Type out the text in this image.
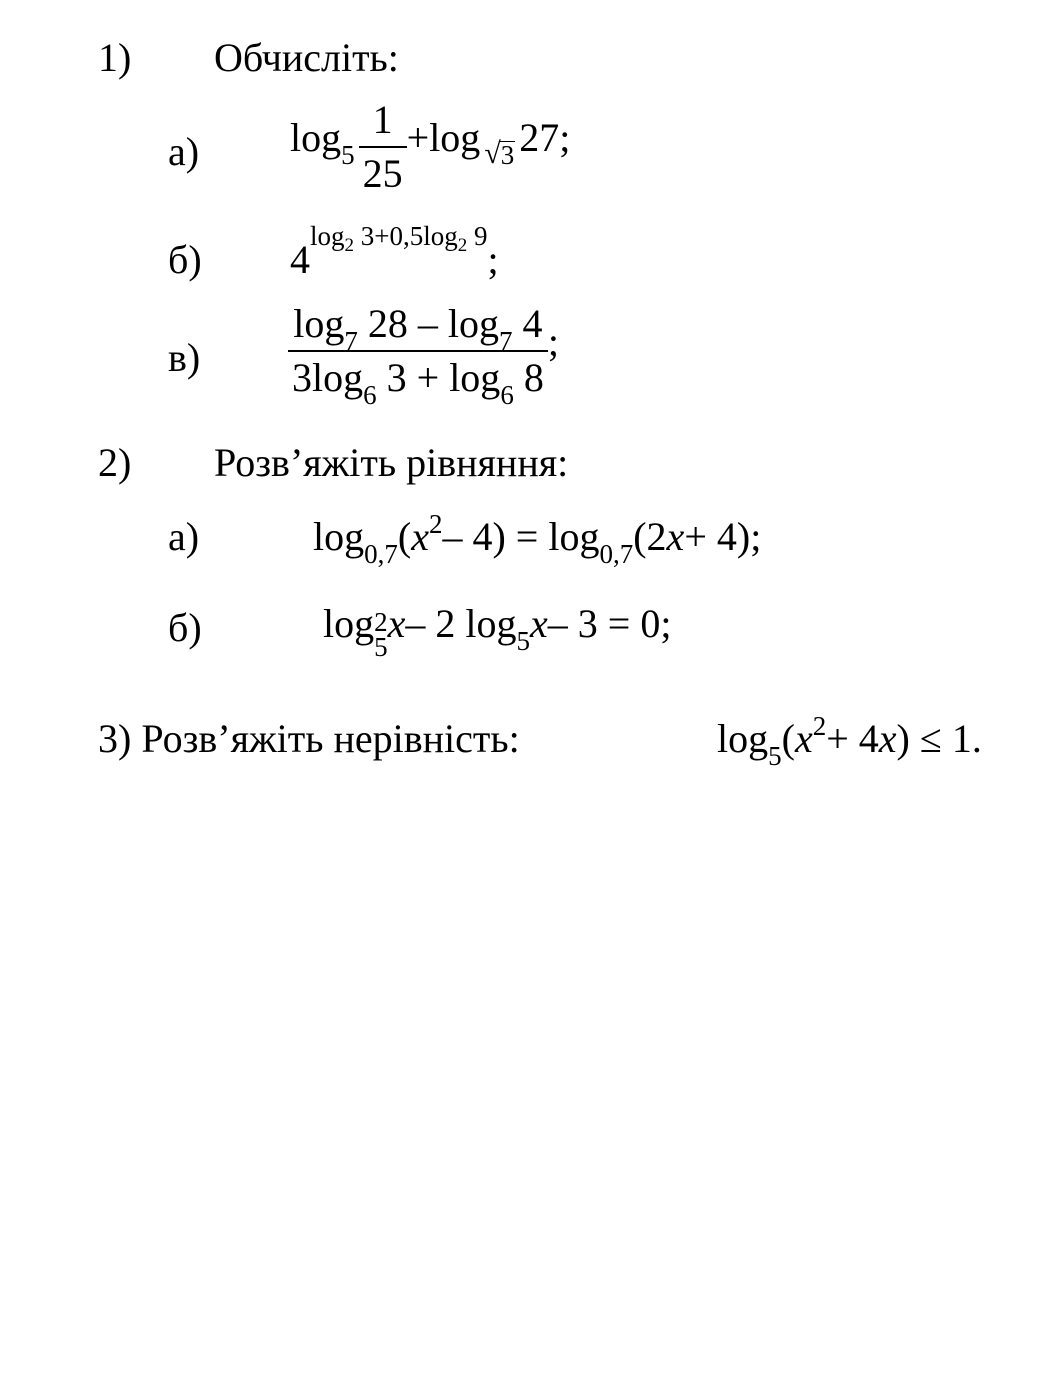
1) Обчисліть:
а) $\log 5 \frac{1}{25} +\log$ √ 3 27;
б) $4\log_2$ $3+0,5\log_2$ 9;
$в) \frac{\log_7 28 - \log_7 4}{3\log_6 3 + \log_6 8}$ ;
2) Розв’яжіть рівняння:
а)	log0,7(x2– 4) = log0,7(2x+ 4);
б)	log 2
5
x– 2 log5x– 3 = 0;
3) Розв’яжіть нерівність:	log5(x2+ 4x) ≤ 1.
